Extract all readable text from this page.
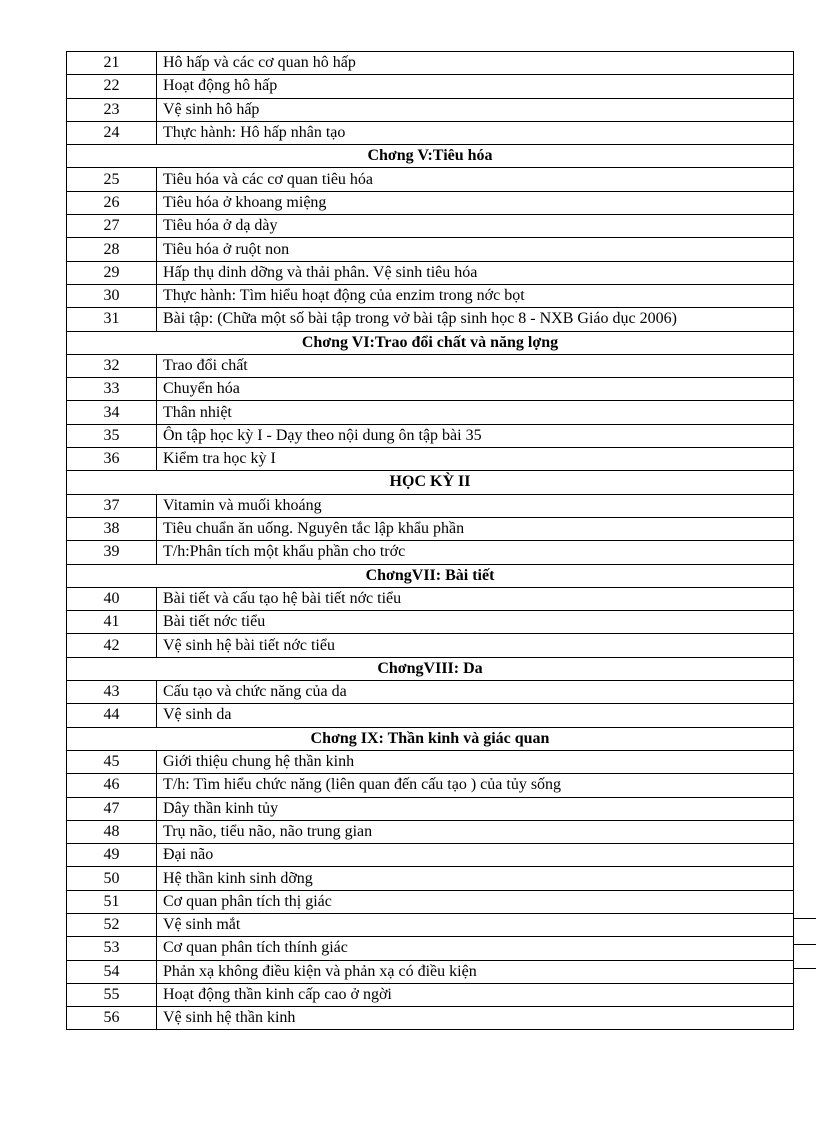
21	Hô hấp và các cơ quan hô hấp
22	Hoạt động hô hấp
23	Vệ sinh hô hấp
24	Thực hành: Hô hấp nhân tạo
Chơng V:Tiêu hóa	
25	Tiêu hóa và các cơ quan tiêu hóa
26	Tiêu hóa ở khoang miệng
27	Tiêu hóa ở dạ dày
28	Tiêu hóa ở ruột non
29	Hấp thụ dinh dỡng và thải phân. Vệ sinh tiêu hóa
30	Thực hành: Tìm hiểu hoạt động của enzim trong nớc bọt
31	Bài tập: (Chữa một số bài tập trong vở bài tập sinh học 8 - NXB Giáo dục 2006)
Chơng VI:Trao đổi chất và năng lợng	
32	Trao đổi chất
33	Chuyển hóa
34	Thân nhiệt
35	Ôn tập học kỳ I - Dạy theo nội dung ôn tập bài 35
36	Kiểm tra học kỳ I
HỌC KỲ II	
37	Vitamin và muối khoáng
38	Tiêu chuẩn ăn uống. Nguyên tắc lập khẩu phần
39	T/h:Phân tích một khẩu phần cho trớc
ChơngVII: Bài tiết	
40	Bài tiết và cấu tạo hệ bài tiết nớc tiểu
41	Bài tiết nớc tiểu
42	Vệ sinh hệ bài tiết nớc tiểu
ChơngVIII: Da	
43	Cấu tạo và chức năng của da
44	Vệ sinh da
Chơng IX: Thần kinh và giác quan	
45	Giới thiệu chung hệ thần kinh
46	T/h: Tìm hiểu chức năng (liên quan đến cấu tạo ) của tủy sống
47	Dây thần kinh tủy
48	Trụ não, tiểu não, não trung gian
49	Đại não
50	Hệ thần kinh sinh dỡng
51	Cơ quan phân tích thị giác
52	Vệ sinh mắt
53	Cơ quan phân tích thính giác
54	Phản xạ không điều kiện và phản xạ có điều kiện
55	Hoạt động thần kinh cấp cao ở ngời
56	Vệ sinh hệ thần kinh
